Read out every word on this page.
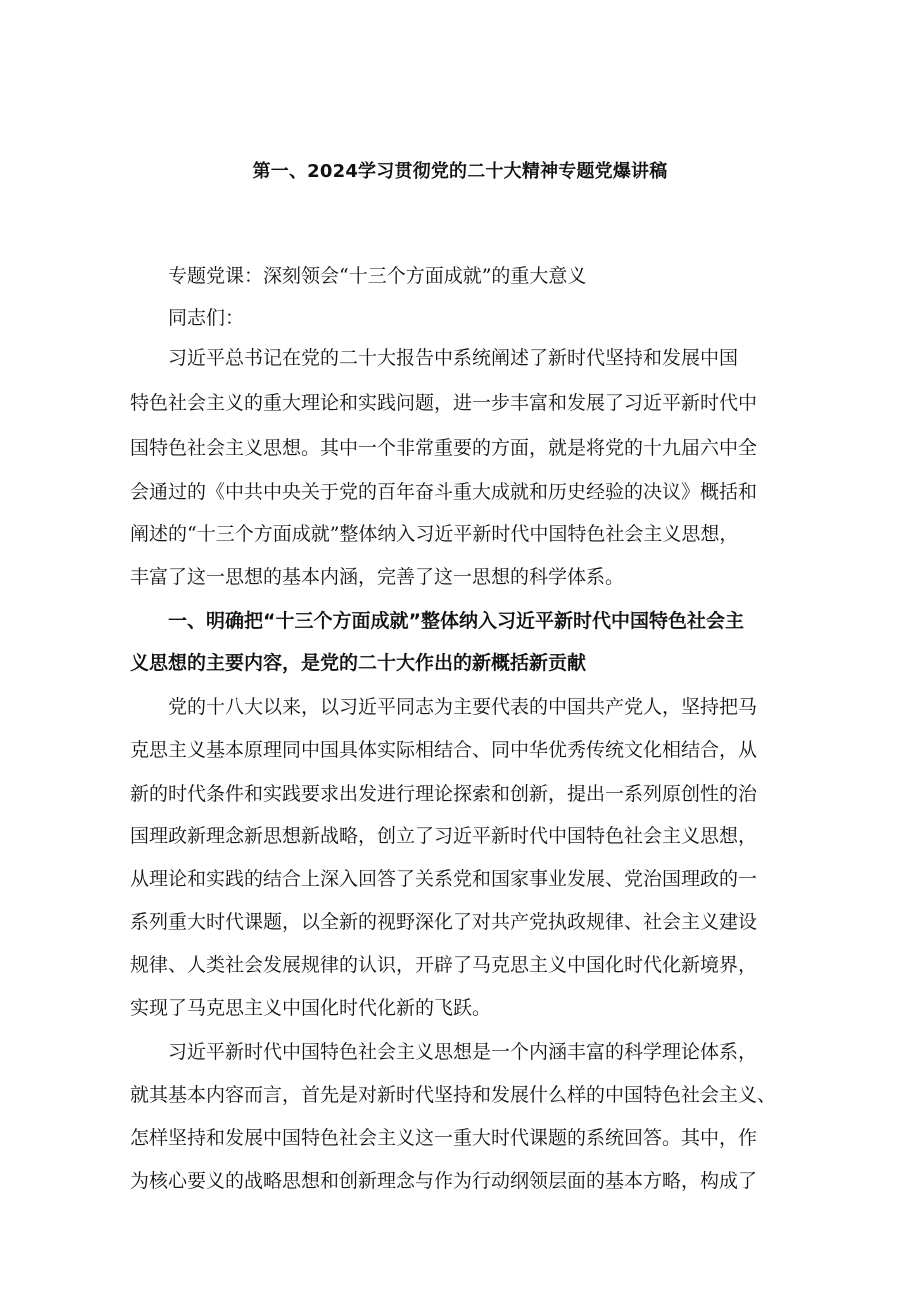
第一、2024学习贯彻党的二十大精神专题党爆讲稿
专题党课：深刻领会“十三个方面成就”的重大意义
同志们：
习近平总书记在党的二十大报告中系统阐述了新时代坚持和发展中国
特色社会主义的重大理论和实践问题，进一步丰富和发展了习近平新时代中
国特色社会主义思想。其中一个非常重要的方面，就是将党的十九届六中全
会通过的《中共中央关于党的百年奋斗重大成就和历史经验的决议》概括和
阐述的“十三个方面成就”整体纳入习近平新时代中国特色社会主义思想，
丰富了这一思想的基本内涵，完善了这一思想的科学体系。
一、明确把“十三个方面成就”整体纳入习近平新时代中国特色社会主
义思想的主要内容，是党的二十大作出的新概括新贡献
党的十八大以来，以习近平同志为主要代表的中国共产党人，坚持把马
克思主义基本原理同中国具体实际相结合、同中华优秀传统文化相结合，从
新的时代条件和实践要求出发进行理论探索和创新，提出一系列原创性的治
国理政新理念新思想新战略，创立了习近平新时代中国特色社会主义思想，
从理论和实践的结合上深入回答了关系党和国家事业发展、党治国理政的一
系列重大时代课题，以全新的视野深化了对共产党执政规律、社会主义建设
规律、人类社会发展规律的认识，开辟了马克思主义中国化时代化新境界，
实现了马克思主义中国化时代化新的飞跃。
习近平新时代中国特色社会主义思想是一个内涵丰富的科学理论体系，
就其基本内容而言，首先是对新时代坚持和发展什么样的中国特色社会主义、
怎样坚持和发展中国特色社会主义这一重大时代课题的系统回答。其中，作
为核心要义的战略思想和创新理念与作为行动纲领层面的基本方略，构成了
